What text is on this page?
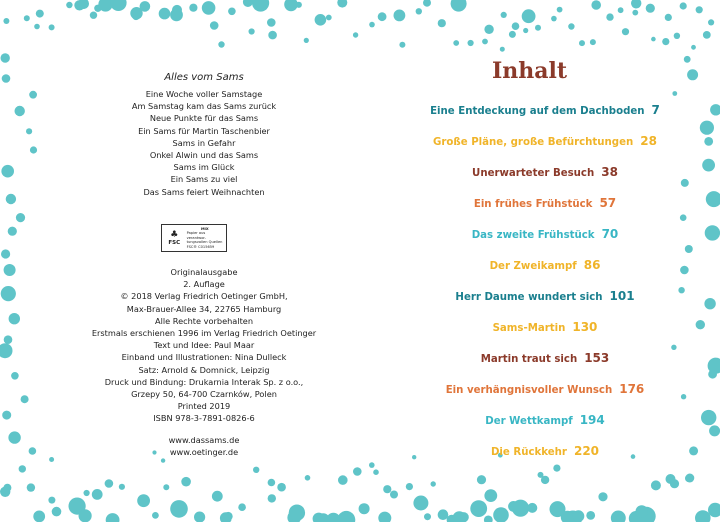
Alles vom Sams
Eine Woche voller Samstage
Am Samstag kam das Sams zurück
Neue Punkte für das Sams
Ein Sams für Martin Taschenbier
Sams in Gefahr
Onkel Alwin und das Sams
Sams im Glück
Ein Sams zu viel
Das Sams feiert Weihnachten
♣
FSC
MIX
Papier aus verantwor-
tungsvollen Quellen
FSC® C015659
Originalausgabe
2. Auflage
© 2018 Verlag Friedrich Oetinger GmbH,
Max-Brauer-Allee 34, 22765 Hamburg
Alle Rechte vorbehalten
Erstmals erschienen 1996 im Verlag Friedrich Oetinger
Text und Idee: Paul Maar
Einband und Illustrationen: Nina Dulleck
Satz: Arnold & Domnick, Leipzig
Druck und Bindung: Drukarnia Interak Sp. z o.o.,
Grzepy 50, 64-700 Czarnków, Polen
Printed 2019
ISBN 978-3-7891-0826-6
www.dassams.de
www.oetinger.de
Inhalt
Eine Entdeckung auf dem Dachboden 7
Große Pläne, große Befürchtungen 28
Unerwarteter Besuch 38
Ein frühes Frühstück 57
Das zweite Frühstück 70
Der Zweikampf 86
Herr Daume wundert sich 101
Sams-Martin 130
Martin traut sich 153
Ein verhängnisvoller Wunsch 176
Der Wettkampf 194
Die Rückkehr 220
